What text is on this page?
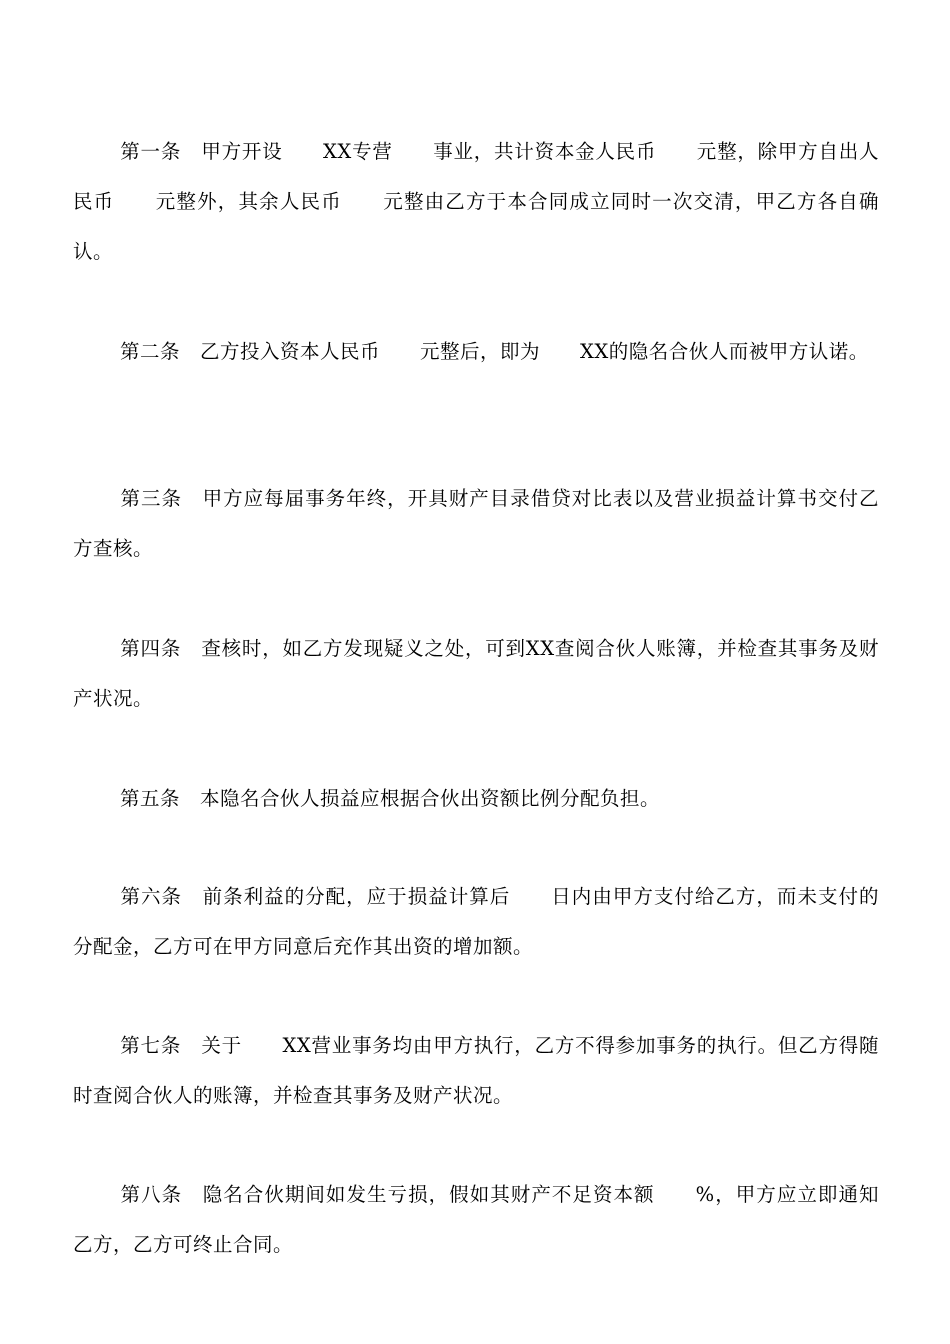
第一条　甲方开设　　XX专营　　事业，共计资本金人民币　　元整，除甲方自出人民币　　元整外，其余人民币　　元整由乙方于本合同成立同时一次交清，甲乙方各自确认。

第二条　乙方投入资本人民币　　元整后，即为　　XX的隐名合伙人而被甲方认诺。

第三条　甲方应每届事务年终，开具财产目录借贷对比表以及营业损益计算书交付乙方查核。

第四条　查核时，如乙方发现疑义之处，可到XX查阅合伙人账簿，并检查其事务及财产状况。

第五条　本隐名合伙人损益应根据合伙出资额比例分配负担。

第六条　前条利益的分配，应于损益计算后　　日内由甲方支付给乙方，而未支付的分配金，乙方可在甲方同意后充作其出资的增加额。

第七条　关于　　XX营业事务均由甲方执行，乙方不得参加事务的执行。但乙方得随时查阅合伙人的账簿，并检查其事务及财产状况。

第八条　隐名合伙期间如发生亏损，假如其财产不足资本额　　%，甲方应立即通知乙方，乙方可终止合同。
